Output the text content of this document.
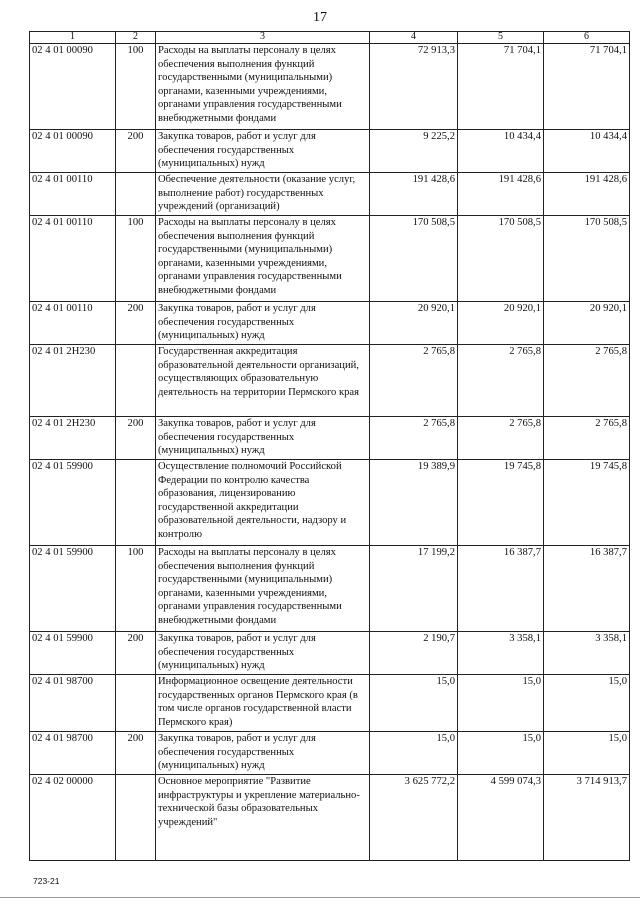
17
1	2	3	4	5	6
02 4 01 00090	100	Расходы на выплаты персоналу в целях обеспечения выполнения функций государственными (муниципальными) органами, казенными учреждениями, органами управления государственными внебюджетными фондами	72 913,3	71 704,1	71 704,1
02 4 01 00090	200	Закупка товаров, работ и услуг для обеспечения государственных (муниципальных) нужд	9 225,2	10 434,4	10 434,4
02 4 01 00110		Обеспечение деятельности (оказание услуг, выполнение работ) государственных учреждений (организаций)	191 428,6	191 428,6	191 428,6
02 4 01 00110	100	Расходы на выплаты персоналу в целях обеспечения выполнения функций государственными (муниципальными) органами, казенными учреждениями, органами управления государственными внебюджетными фондами	170 508,5	170 508,5	170 508,5
02 4 01 00110	200	Закупка товаров, работ и услуг для обеспечения государственных (муниципальных) нужд	20 920,1	20 920,1	20 920,1
02 4 01 2Н230		Государственная аккредитация образовательной деятельности организаций, осуществляющих образовательную деятельность на территории Пермского края	2 765,8	2 765,8	2 765,8
02 4 01 2Н230	200	Закупка товаров, работ и услуг для обеспечения государственных (муниципальных) нужд	2 765,8	2 765,8	2 765,8
02 4 01 59900		Осуществление полномочий Российской Федерации по контролю качества образования, лицензированию государственной аккредитации образовательной деятельности, надзору и контролю	19 389,9	19 745,8	19 745,8
02 4 01 59900	100	Расходы на выплаты персоналу в целях обеспечения выполнения функций государственными (муниципальными) органами, казенными учреждениями, органами управления государственными внебюджетными фондами	17 199,2	16 387,7	16 387,7
02 4 01 59900	200	Закупка товаров, работ и услуг для обеспечения государственных (муниципальных) нужд	2 190,7	3 358,1	3 358,1
02 4 01 98700		Информационное освещение деятельности государственных органов Пермского края (в том числе органов государственной власти Пермского края)	15,0	15,0	15,0
02 4 01 98700	200	Закупка товаров, работ и услуг для обеспечения государственных (муниципальных) нужд	15,0	15,0	15,0
02 4 02 00000		Основное мероприятие "Развитие инфраструктуры и укрепление материально-технической базы образовательных учреждений"	3 625 772,2	4 599 074,3	3 714 913,7
723-21
